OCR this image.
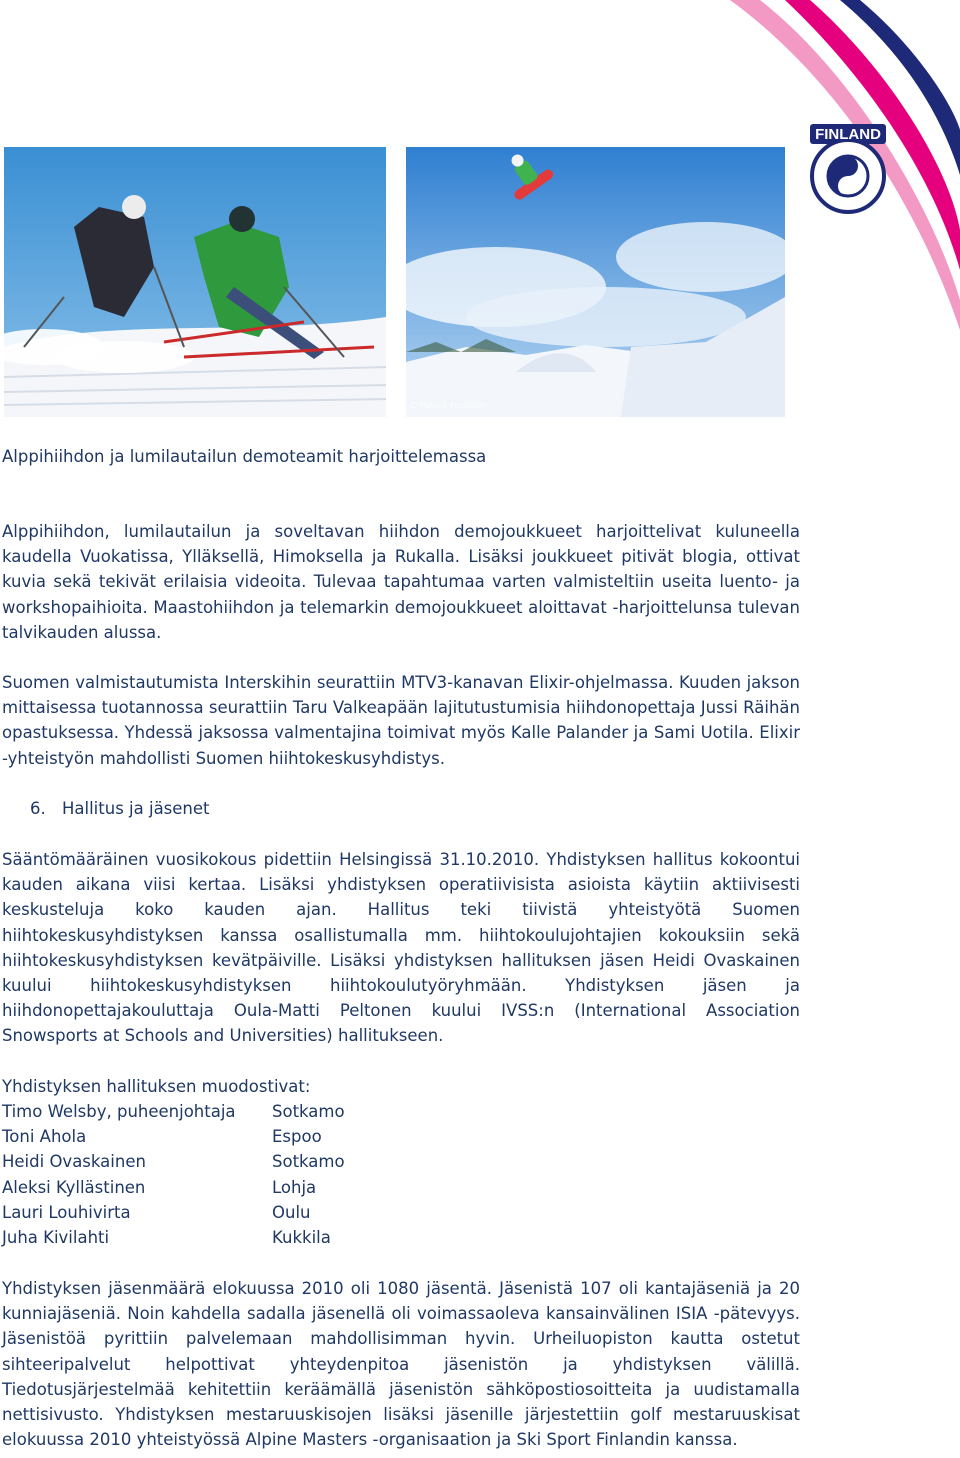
FINLAND
© Patrick Forsblom
Alppihiihdon ja lumilautailun demoteamit harjoittelemassa
Alppihiihdon, lumilautailun ja soveltavan hiihdon demojoukkueet harjoittelivat kuluneella kaudella Vuokatissa, Ylläksellä, Himoksella ja Rukalla. Lisäksi joukkueet pitivät blogia, ottivat kuvia sekä tekivät erilaisia videoita. Tulevaa tapahtumaa varten valmisteltiin useita luento- ja workshopaihioita. Maastohiihdon ja telemarkin demojoukkueet aloittavat -harjoittelunsa tulevan talvikauden alussa.
Suomen valmistautumista Interskihin seurattiin MTV3-kanavan Elixir-ohjelmassa. Kuuden jakson mittaisessa tuotannossa seurattiin Taru Valkeapään lajitutustumisia hiihdonopettaja Jussi Räihän opastuksessa. Yhdessä jaksossa valmentajina toimivat myös Kalle Palander ja Sami Uotila. Elixir -yhteistyön mahdollisti Suomen hiihtokeskusyhdistys.
6. Hallitus ja jäsenet
Sääntömääräinen vuosikokous pidettiin Helsingissä 31.10.2010. Yhdistyksen hallitus kokoontui kauden aikana viisi kertaa. Lisäksi yhdistyksen operatiivisista asioista käytiin aktiivisesti keskusteluja koko kauden ajan. Hallitus teki tiivistä yhteistyötä Suomen hiihtokeskusyhdistyksen kanssa osallistumalla mm. hiihtokoulujohtajien kokouksiin sekä hiihtokeskusyhdistyksen kevätpäiville. Lisäksi yhdistyksen hallituksen jäsen Heidi Ovaskainen kuului hiihtokeskusyhdistyksen hiihtokoulutyöryhmään. Yhdistyksen jäsen ja hiihdonopettajakouluttaja Oula-Matti Peltonen kuului IVSS:n (International Association Snowsports at Schools and Universities) hallitukseen.
Yhdistyksen hallituksen muodostivat:
Timo Welsby, puheenjohtaja	Sotkamo
Toni Ahola	Espoo
Heidi Ovaskainen	Sotkamo
Aleksi Kyllästinen	Lohja
Lauri Louhivirta	Oulu
Juha Kivilahti	Kukkila
Yhdistyksen jäsenmäärä elokuussa 2010 oli 1080 jäsentä. Jäsenistä 107 oli kantajäseniä ja 20 kunniajäseniä. Noin kahdella sadalla jäsenellä oli voimassaoleva kansainvälinen ISIA -pätevyys. Jäsenistöä pyrittiin palvelemaan mahdollisimman hyvin. Urheiluopiston kautta ostetut sihteeripalvelut helpottivat yhteydenpitoa jäsenistön ja yhdistyksen välillä. Tiedotusjärjestelmää kehitettiin keräämällä jäsenistön sähköpostiosoitteita ja uudistamalla nettisivusto. Yhdistyksen mestaruuskisojen lisäksi jäsenille järjestettiin golf mestaruuskisat elokuussa 2010 yhteistyössä Alpine Masters -organisaation ja Ski Sport Finlandin kanssa.
